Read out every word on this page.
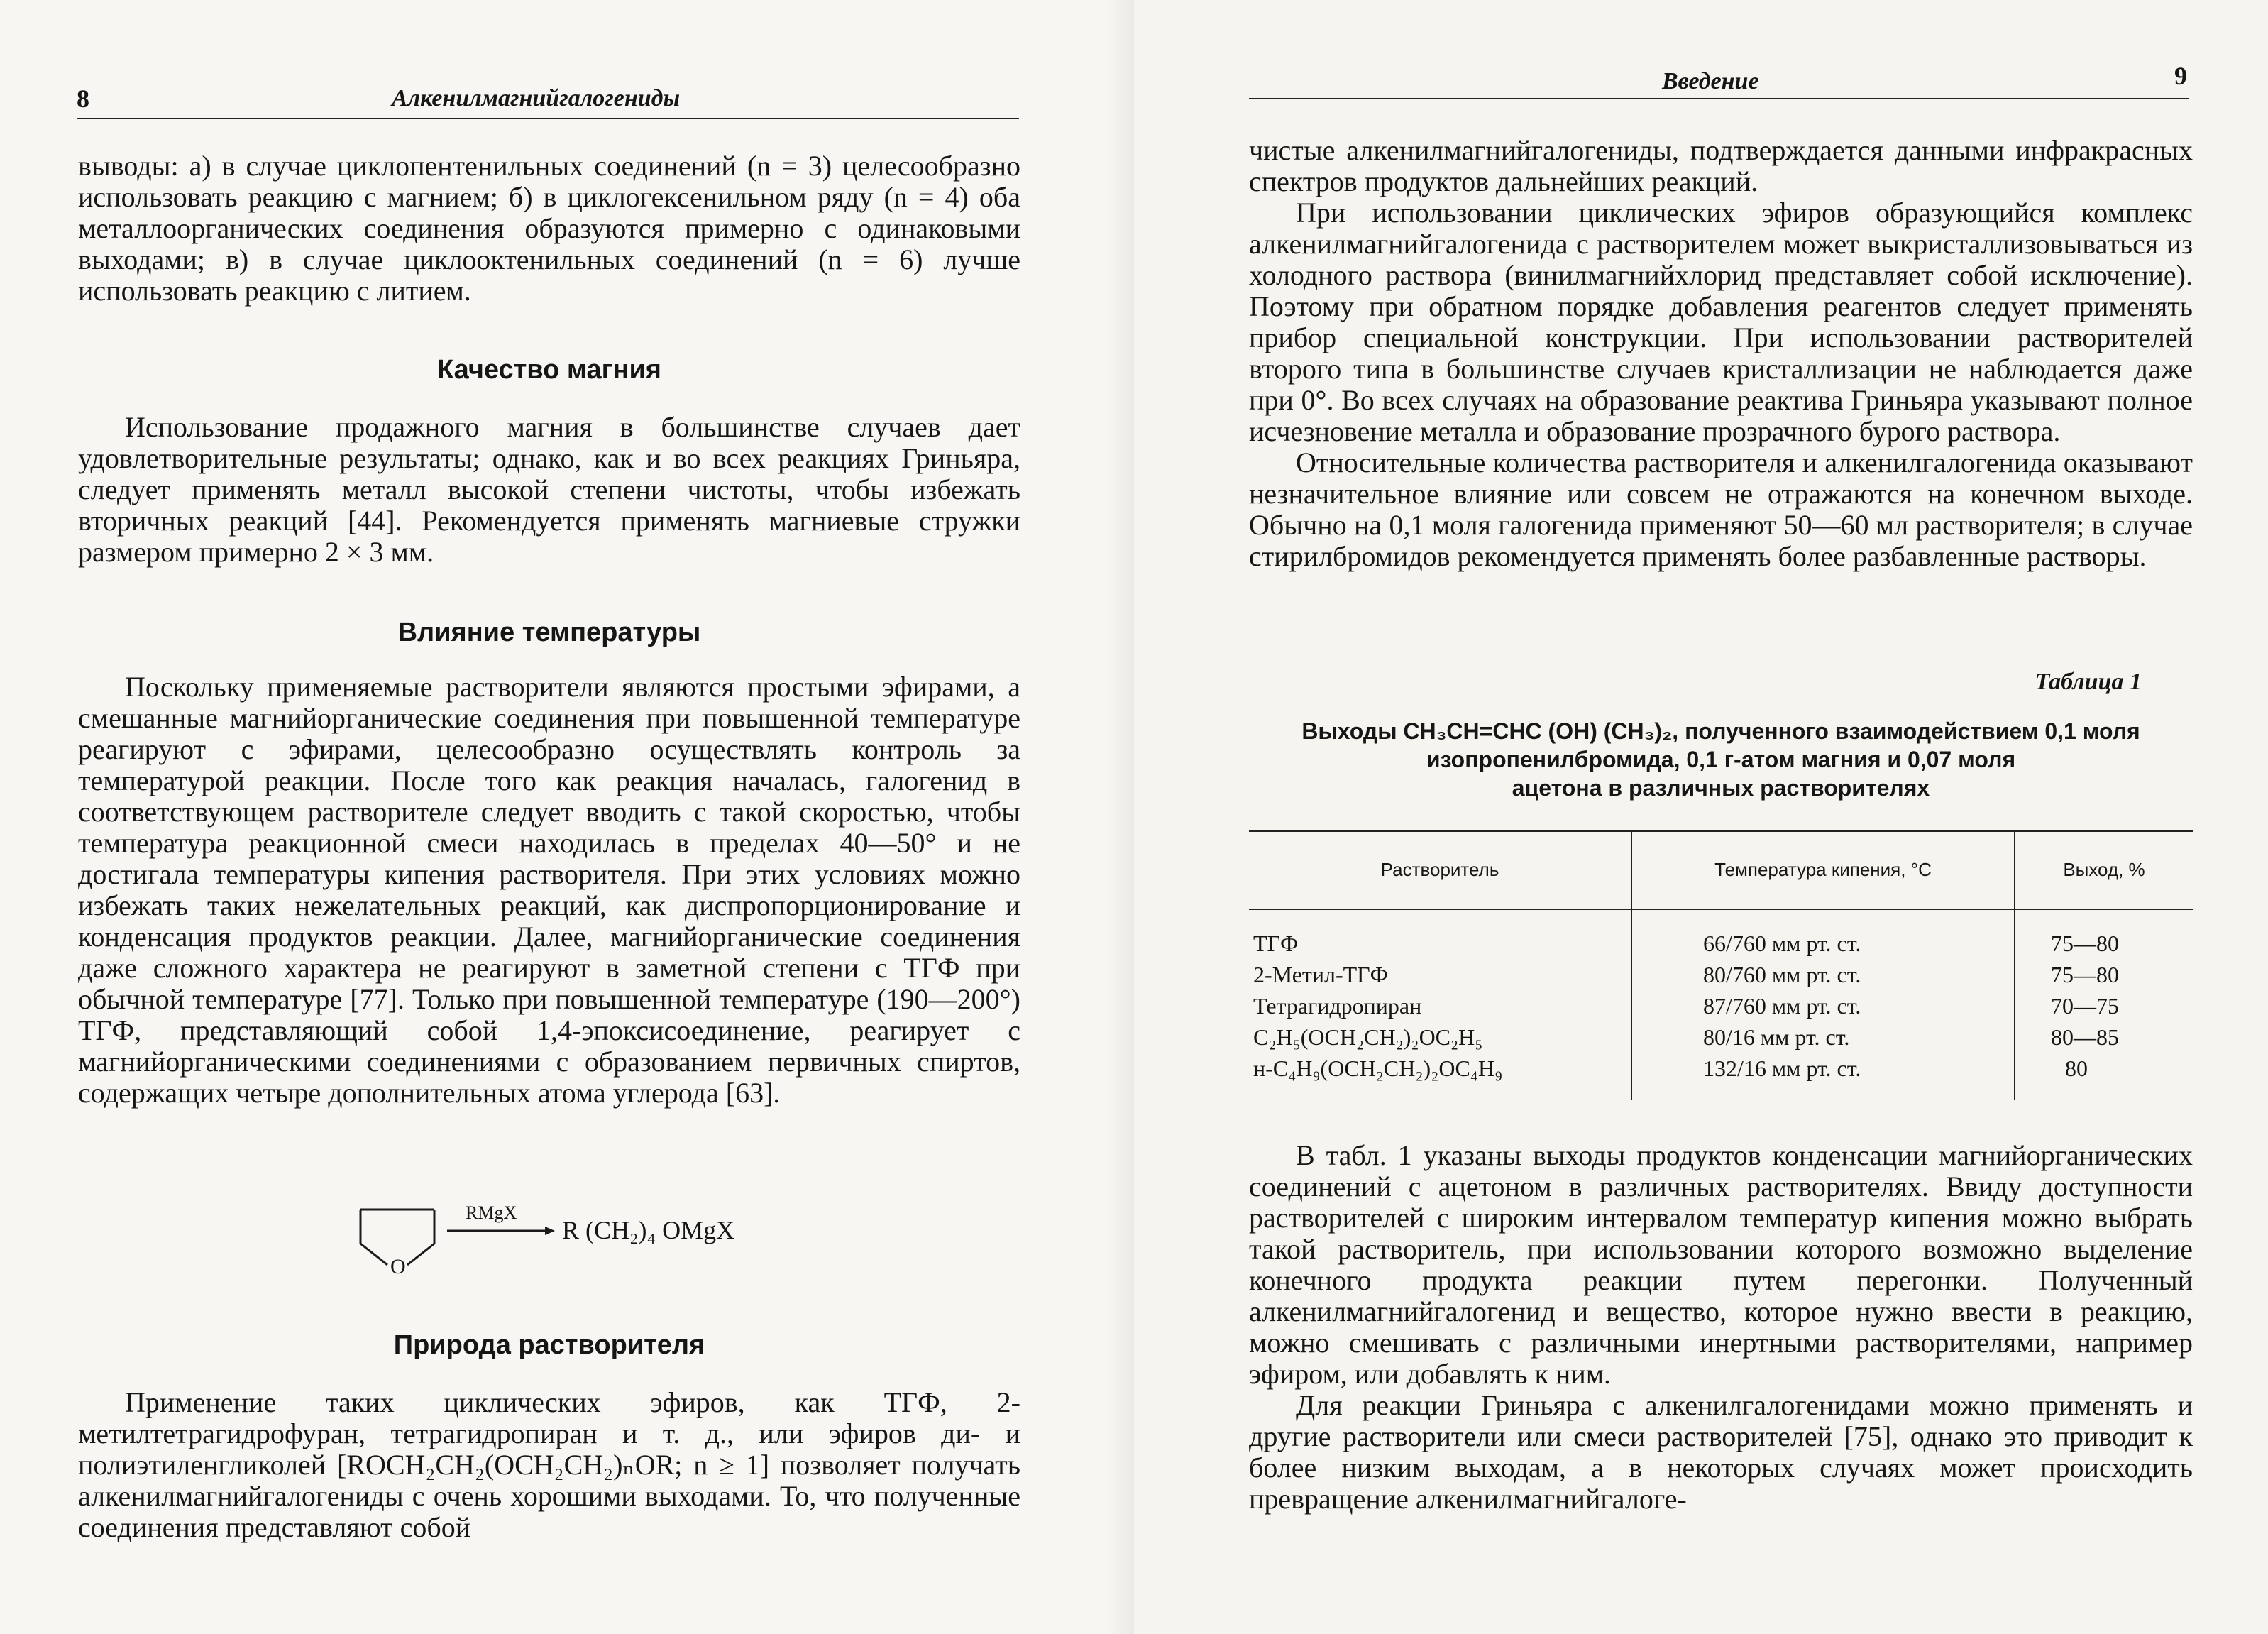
8	Алкенилмагнийгалогениды

выводы: а) в случае циклопентенильных соединений (n = 3) целесообразно использовать реакцию с магнием; б) в циклогексенильном ряду (n = 4) оба металлоорганических соединения образуются примерно с одинаковыми выходами; в) в случае циклооктенильных соединений (n = 6) лучше использовать реакцию с литием.

Качество магния

Использование продажного магния в большинстве случаев дает удовлетворительные результаты; однако, как и во всех реакциях Гриньяра, следует применять металл высокой степени чистоты, чтобы избежать вторичных реакций [44]. Рекомендуется применять магниевые стружки размером примерно 2 × 3 мм.

Влияние температуры

Поскольку применяемые растворители являются простыми эфирами, а смешанные магнийорганические соединения при повышенной температуре реагируют с эфирами, целесообразно осуществлять контроль за температурой реакции. После того как реакция началась, галогенид в соответствующем растворителе следует вводить с такой скоростью, чтобы температура реакционной смеси находилась в пределах 40—50° и не достигала температуры кипения растворителя. При этих условиях можно избежать таких нежелательных реакций, как диспропорционирование и конденсация продуктов реакции. Далее, магнийорганические соединения даже сложного характера не реагируют в заметной степени с ТГФ при обычной температуре [77]. Только при повышенной температуре (190—200°) ТГФ, представляющий собой 1,4-эпоксисоединение, реагирует с магнийорганическими соединениями с образованием первичных спиртов, содержащих четыре дополнительных атома углерода [63].

O
RMgX
R (CH₂)₄ OMgX
Природа растворителя

Применение таких циклических эфиров, как ТГФ, 2-метилтетрагидрофуран, тетрагидропиран и т. д., или эфиров ди- и полиэтиленгликолей [ROCH₂CH₂(OCH₂CH₂)ₙOR; n ≥ 1] позволяет получать алкенилмагнийгалогениды с очень хорошими выходами. То, что полученные соединения представляют собой

Введение	9

чистые алкенилмагнийгалогениды, подтверждается данными инфракрасных спектров продуктов дальнейших реакций.

При использовании циклических эфиров образующийся комплекс алкенилмагнийгалогенида с растворителем может выкристаллизовываться из холодного раствора (винилмагнийхлорид представляет собой исключение). Поэтому при обратном порядке добавления реагентов следует применять прибор специальной конструкции. При использовании растворителей второго типа в большинстве случаев кристаллизации не наблюдается даже при 0°. Во всех случаях на образование реактива Гриньяра указывают полное исчезновение металла и образование прозрачного бурого раствора.

Относительные количества растворителя и алкенилгалогенида оказывают незначительное влияние или совсем не отражаются на конечном выходе. Обычно на 0,1 моля галогенида применяют 50—60 мл растворителя; в случае стирилбромидов рекомендуется применять более разбавленные растворы.

Таблица 1
Выходы CH₃CH=CHC (OH) (CH₃)₂, полученного взаимодействием 0,1 моля
изопропенилбромида, 0,1 г-атом магния и 0,07 моля
ацетона в различных растворителях
Растворитель	Температура кипения, °C	Выход, %
ТГФ	66/760 мм рт. ст.	75—80
2-Метил-ТГФ	80/760 мм рт. ст.	75—80
Тетрагидропиран	87/760 мм рт. ст.	70—75
C₂H₅(OCH₂CH₂)₂OC₂H₅	80/16 мм рт. ст.	80—85
н-C₄H₉(OCH₂CH₂)₂OC₄H₉	132/16 мм рт. ст.	80

В табл. 1 указаны выходы продуктов конденсации магнийорганических соединений с ацетоном в различных растворителях. Ввиду доступности растворителей с широким интервалом температур кипения можно выбрать такой растворитель, при использовании которого возможно выделение конечного продукта реакции путем перегонки. Полученный алкенилмагнийгалогенид и вещество, которое нужно ввести в реакцию, можно смешивать с различными инертными растворителями, например эфиром, или добавлять к ним.

Для реакции Гриньяра с алкенилгалогенидами можно применять и другие растворители или смеси растворителей [75], однако это приводит к более низким выходам, а в некоторых случаях может происходить превращение алкенилмагнийгалоге-
